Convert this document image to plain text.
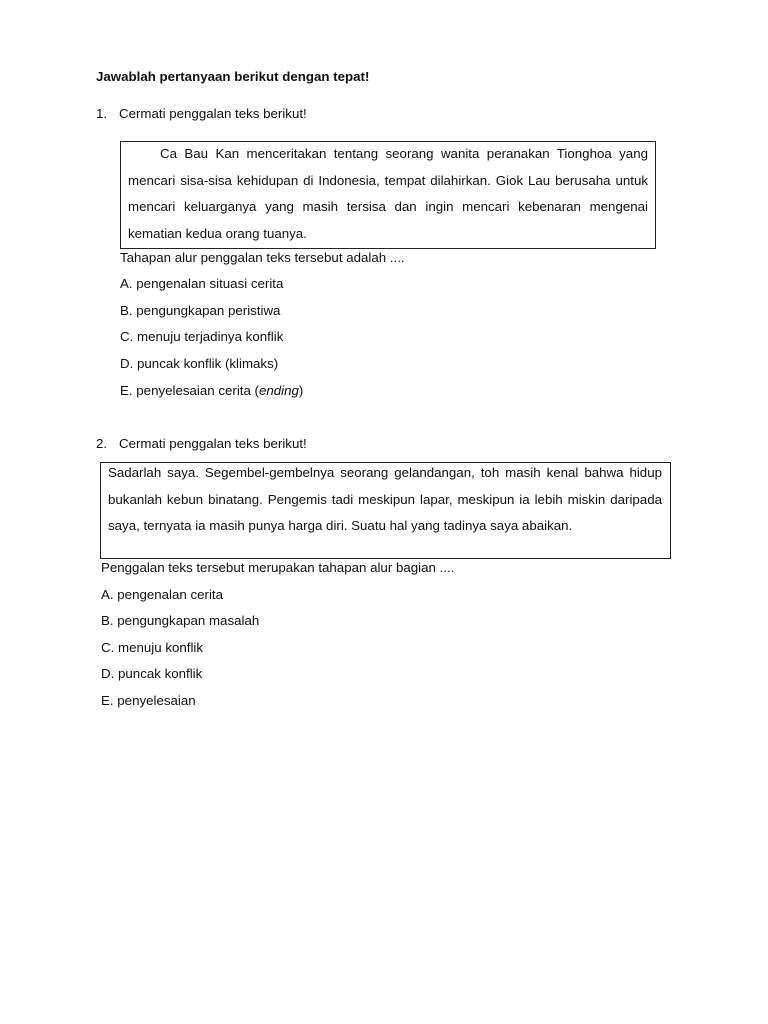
Jawablah pertanyaan berikut dengan tepat!
1. Cermati penggalan teks berikut!
Ca Bau Kan menceritakan tentang seorang wanita peranakan Tionghoa yang mencari sisa-sisa kehidupan di Indonesia, tempat dilahirkan. Giok Lau berusaha untuk mencari keluarganya yang masih tersisa dan ingin mencari kebenaran mengenai kematian kedua orang tuanya.
Tahapan alur penggalan teks tersebut adalah ....
A. pengenalan situasi cerita
B. pengungkapan peristiwa
C. menuju terjadinya konflik
D. puncak konflik (klimaks)
E. penyelesaian cerita (ending)
2. Cermati penggalan teks berikut!
Sadarlah saya. Segembel-gembelnya seorang gelandangan, toh masih kenal bahwa hidup bukanlah kebun binatang. Pengemis tadi meskipun lapar, meskipun ia lebih miskin daripada saya, ternyata ia masih punya harga diri. Suatu hal yang tadinya saya abaikan.
Penggalan teks tersebut merupakan tahapan alur bagian ....
A. pengenalan cerita
B. pengungkapan masalah
C. menuju konflik
D. puncak konflik
E. penyelesaian
